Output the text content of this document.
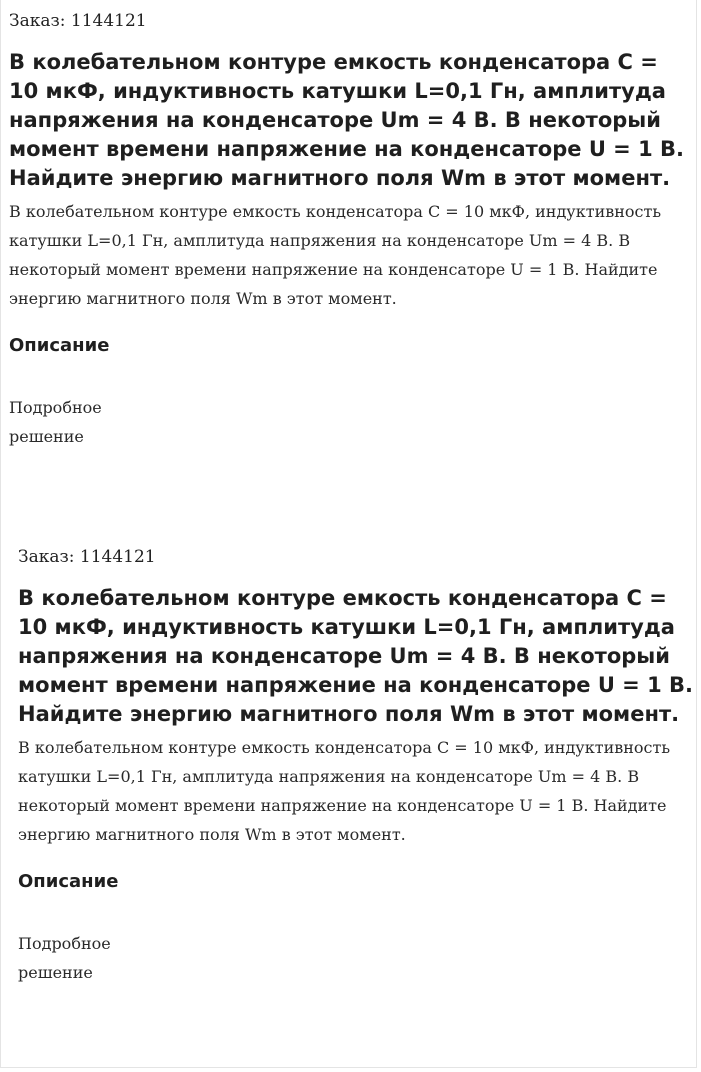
Заказ: 1144121

В колебательном контуре емкость конденсатора С = 10 мкФ, индуктивность катушки L=0,1 Гн, амплитуда напряжения на конденсаторе Um = 4 В. В некоторый момент времени напряжение на конденсаторе U = 1 В. Найдите энергию магнитного поля Wm в этот момент.

В колебательном контуре емкость конденсатора С = 10 мкФ, индуктивность катушки L=0,1 Гн, амплитуда напряжения на конденсаторе Um = 4 В. В некоторый момент времени напряжение на конденсаторе U = 1 В. Найдите энергию магнитного поля Wm в этот момент.

Описание

Подробное решение

Заказ: 1144121

В колебательном контуре емкость конденсатора С = 10 мкФ, индуктивность катушки L=0,1 Гн, амплитуда напряжения на конденсаторе Um = 4 В. В некоторый момент времени напряжение на конденсаторе U = 1 В. Найдите энергию магнитного поля Wm в этот момент.

В колебательном контуре емкость конденсатора С = 10 мкФ, индуктивность катушки L=0,1 Гн, амплитуда напряжения на конденсаторе Um = 4 В. В некоторый момент времени напряжение на конденсаторе U = 1 В. Найдите энергию магнитного поля Wm в этот момент.

Описание

Подробное решение
